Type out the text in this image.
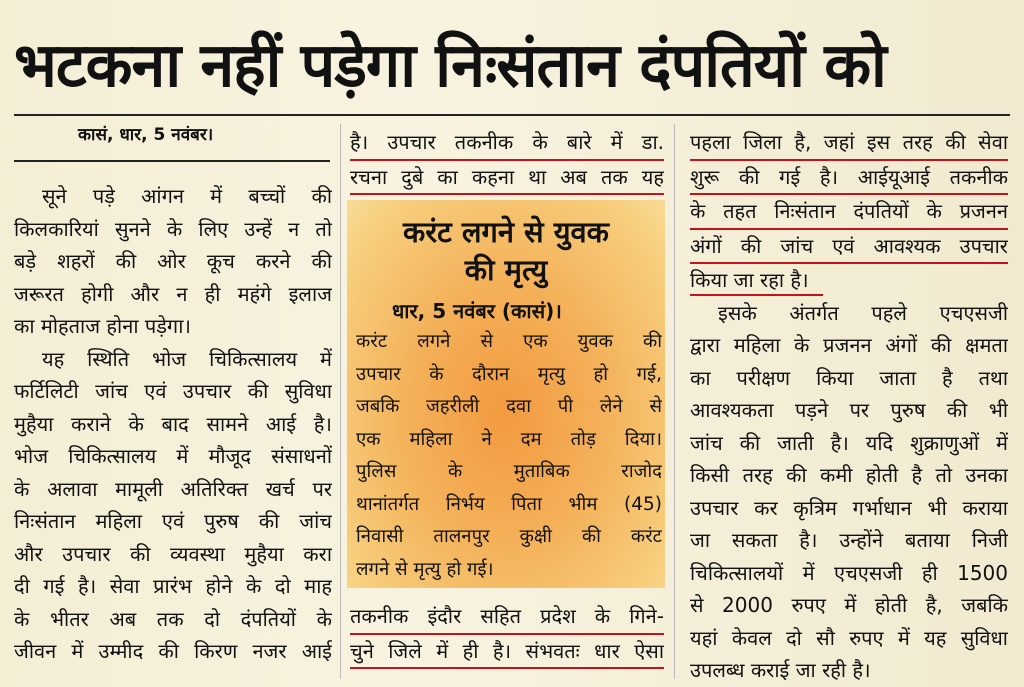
भटकना नहीं पड़ेगा निःसंतान दंपतियों को
कासं, धार, 5 नवंबर।
सूने पड़े आंगन में बच्चों की
किलकारियां सुनने के लिए उन्हें न तो
बड़े शहरों की ओर कूच करने की
जरूरत होगी और न ही महंगे इलाज
का मोहताज होना पड़ेगा।
यह स्थिति भोज चिकित्सालय में
फर्टिलिटी जांच एवं उपचार की सुविधा
मुहैया कराने के बाद सामने आई है।
भोज चिकित्सालय में मौजूद संसाधनों
के अलावा मामूली अतिरिक्त खर्च पर
निःसंतान महिला एवं पुरुष की जांच
और उपचार की व्यवस्था मुहैया करा
दी गई है। सेवा प्रारंभ होने के दो माह
के भीतर अब तक दो दंपतियों के
जीवन में उम्मीद की किरण नजर आई
है। उपचार तकनीक के बारे में डा.
रचना दुबे का कहना था अब तक यह
करंट लगने से युवक
की मृत्यु
धार, 5 नवंबर (कासं)।
करंट लगने से एक युवक की
उपचार के दौरान मृत्यु हो गई,
जबकि जहरीली दवा पी लेने से
एक महिला ने दम तोड़ दिया।
पुलिस के मुताबिक राजोद
थानांतर्गत निर्भय पिता भीम (45)
निवासी तालनपुर कुक्षी की करंट
लगने से मृत्यु हो गई।
तकनीक इंदौर सहित प्रदेश के गिने-
चुने जिले में ही है। संभवतः धार ऐसा
पहला जिला है, जहां इस तरह की सेवा
शुरू की गई है। आईयूआई तकनीक
के तहत निःसंतान दंपतियों के प्रजनन
अंगों की जांच एवं आवश्यक उपचार
किया जा रहा है।
इसके अंतर्गत पहले एचएसजी
द्वारा महिला के प्रजनन अंगों की क्षमता
का परीक्षण किया जाता है तथा
आवश्यकता पड़ने पर पुरुष की भी
जांच की जाती है। यदि शुक्राणुओं में
किसी तरह की कमी होती है तो उनका
उपचार कर कृत्रिम गर्भाधान भी कराया
जा सकता है। उन्होंने बताया निजी
चिकित्सालयों में एचएसजी ही 1500
से 2000 रुपए में होती है, जबकि
यहां केवल दो सौ रुपए में यह सुविधा
उपलब्ध कराई जा रही है।
